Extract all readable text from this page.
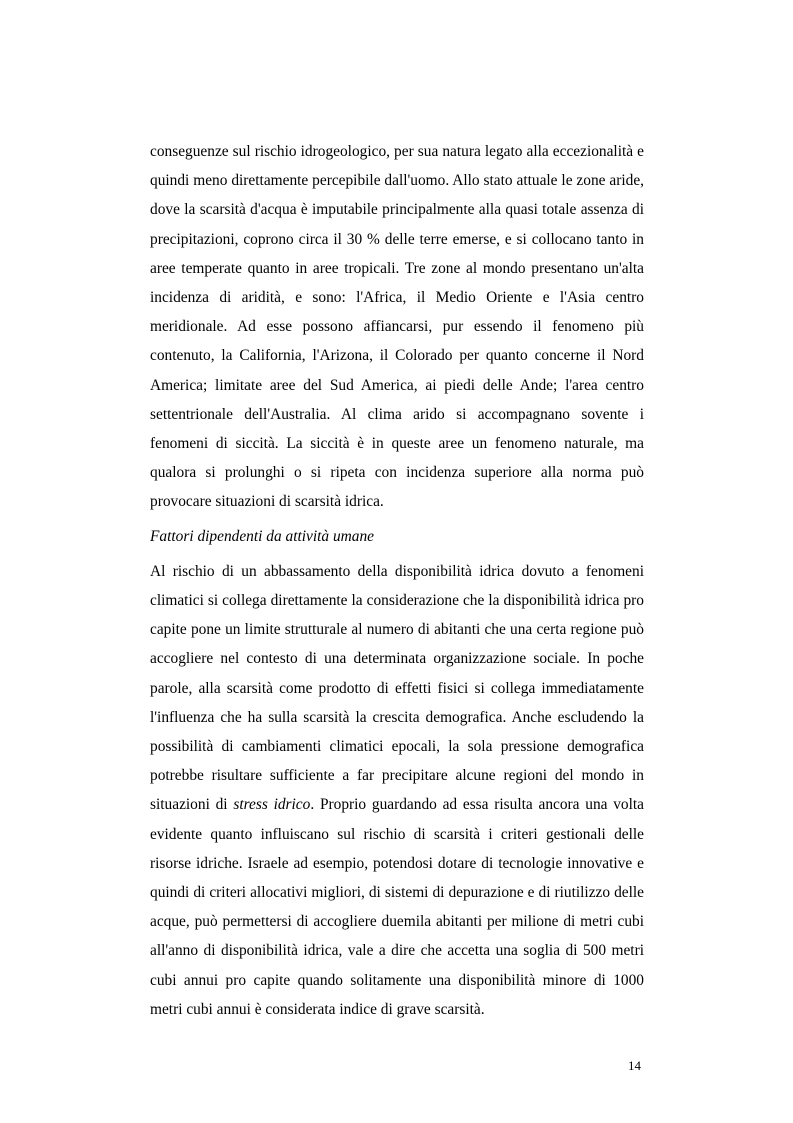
conseguenze sul rischio idrogeologico, per sua natura legato alla eccezionalità e quindi meno direttamente percepibile dall'uomo. Allo stato attuale le zone aride, dove la scarsità d'acqua è imputabile principalmente alla quasi totale assenza di precipitazioni, coprono circa il 30 % delle terre emerse, e si collocano tanto in aree temperate quanto in aree tropicali. Tre zone al mondo presentano un'alta incidenza di aridità, e sono: l'Africa, il Medio Oriente e l'Asia centro meridionale. Ad esse possono affiancarsi, pur essendo il fenomeno più contenuto, la California, l'Arizona, il Colorado per quanto concerne il Nord America; limitate aree del Sud America, ai piedi delle Ande; l'area centro settentrionale dell'Australia. Al clima arido si accompagnano sovente i fenomeni di siccità. La siccità è in queste aree un fenomeno naturale, ma qualora si prolunghi o si ripeta con incidenza superiore alla norma può provocare situazioni di scarsità idrica.

Fattori dipendenti da attività umane

Al rischio di un abbassamento della disponibilità idrica dovuto a fenomeni climatici si collega direttamente la considerazione che la disponibilità idrica pro capite pone un limite strutturale al numero di abitanti che una certa regione può accogliere nel contesto di una determinata organizzazione sociale. In poche parole, alla scarsità come prodotto di effetti fisici si collega immediatamente l'influenza che ha sulla scarsità la crescita demografica. Anche escludendo la possibilità di cambiamenti climatici epocali, la sola pressione demografica potrebbe risultare sufficiente a far precipitare alcune regioni del mondo in situazioni di stress idrico. Proprio guardando ad essa risulta ancora una volta evidente quanto influiscano sul rischio di scarsità i criteri gestionali delle risorse idriche. Israele ad esempio, potendosi dotare di tecnologie innovative e quindi di criteri allocativi migliori, di sistemi di depurazione e di riutilizzo delle acque, può permettersi di accogliere duemila abitanti per milione di metri cubi all'anno di disponibilità idrica, vale a dire che accetta una soglia di 500 metri cubi annui pro capite quando solitamente una disponibilità minore di 1000 metri cubi annui è considerata indice di grave scarsità.

14
